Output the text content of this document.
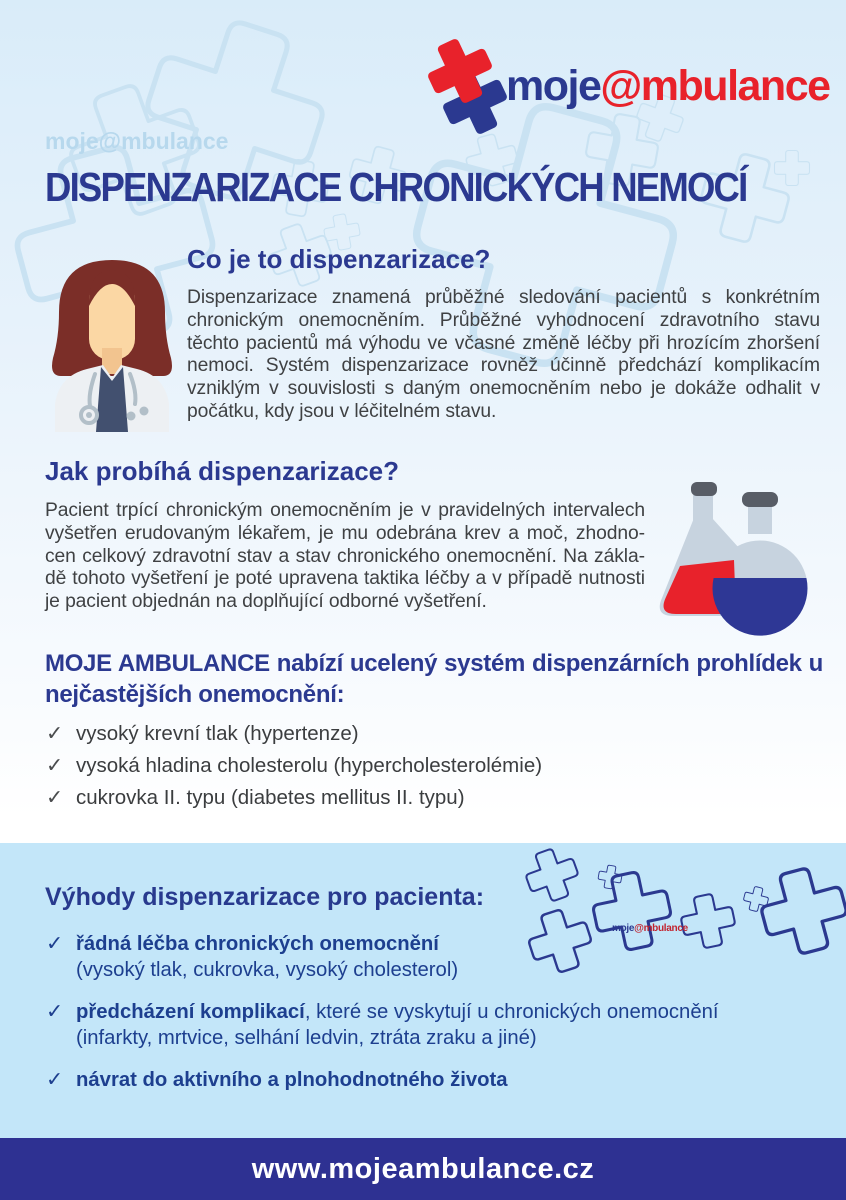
moje@mbulance
moje@mbulance
DISPENZARIZACE CHRONICKÝCH NEMOCÍ
Co je to dispenzarizace?
Dispenzarizace znamená průběžné sledování pacientů s konkrétním chronickým onemocněním. Průběžné vyhodnocení zdravotního stavu těchto pacientů má výhodu ve včasné změně léčby při hrozícím zhoršení nemoci. Systém dispenzarizace rovněž účinně předchází komplikacím vzniklým v souvislosti s daným onemocněním nebo je dokáže odhalit v počátku, kdy jsou v léčitelném stavu.
Jak probíhá dispenzarizace?
Pacient trpící chronickým onemocněním je v pravidelných intervalech vyšetřen erudovaným lékařem, je mu odebrána krev a moč, zhodnocen celkový zdravotní stav a stav chronického onemocnění. Na základě tohoto vyšetření je poté upravena taktika léčby a v případě nutnosti je pacient objednán na doplňující odborné vyšetření.
MOJE AMBULANCE nabízí ucelený systém dispenzárních prohlídek u nejčastějších onemocnění:
✓ vysoký krevní tlak (hypertenze)
✓ vysoká hladina cholesterolu (hypercholesterolémie)
✓ cukrovka II. typu (diabetes mellitus II. typu)
moje@mbulance
Výhody dispenzarizace pro pacienta:
✓ řádná léčba chronických onemocnění
(vysoký tlak, cukrovka, vysoký cholesterol)
✓ předcházení komplikací, které se vyskytují u chronických onemocnění
(infarkty, mrtvice, selhání ledvin, ztráta zraku a jiné)
✓ návrat do aktivního a plnohodnotného života
www.mojeambulance.cz
